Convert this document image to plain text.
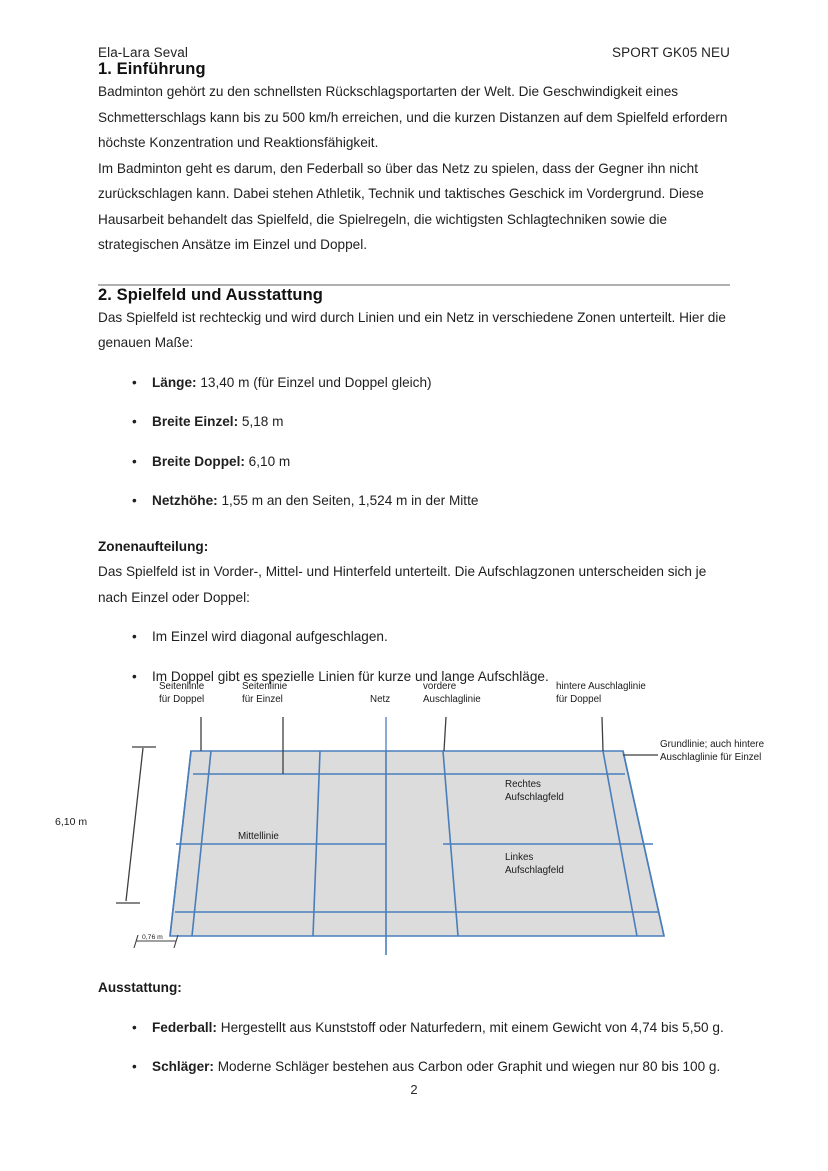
Ela-Lara Seval	SPORT GK05 NEU
1. Einführung

Badminton gehört zu den schnellsten Rückschlagsportarten der Welt. Die Geschwindigkeit eines Schmetterschlags kann bis zu 500 km/h erreichen, und die kurzen Distanzen auf dem Spielfeld erfordern höchste Konzentration und Reaktionsfähigkeit.

Im Badminton geht es darum, den Federball so über das Netz zu spielen, dass der Gegner ihn nicht zurückschlagen kann. Dabei stehen Athletik, Technik und taktisches Geschick im Vordergrund. Diese Hausarbeit behandelt das Spielfeld, die Spielregeln, die wichtigsten Schlagtechniken sowie die strategischen Ansätze im Einzel und Doppel.

2. Spielfeld und Ausstattung

Das Spielfeld ist rechteckig und wird durch Linien und ein Netz in verschiedene Zonen unterteilt. Hier die genauen Maße:

• Länge: 13,40 m (für Einzel und Doppel gleich)
• Breite Einzel: 5,18 m
• Breite Doppel: 6,10 m
• Netzhöhe: 1,55 m an den Seiten, 1,524 m in der Mitte

Zonenaufteilung:

Das Spielfeld ist in Vorder-, Mittel- und Hinterfeld unterteilt. Die Aufschlagzonen unterscheiden sich je nach Einzel oder Doppel:

• Im Einzel wird diagonal aufgeschlagen.
• Im Doppel gibt es spezielle Linien für kurze und lange Aufschläge.
Seitenlinie
für Doppel
Seitenlinie
für Einzel	Netz
vordere
Auschlaglinie
hintere Auschlaglinie
für Doppel
Grundlinie; auch hintere
Auschlaglinie für Einzel
Mittellinie
Rechtes
Aufschlagfeld
Linkes
Aufschlagfeld
6,10 m
0,76 m

Ausstattung:

• Federball: Hergestellt aus Kunststoff oder Naturfedern, mit einem Gewicht von 4,74 bis 5,50 g.
• Schläger: Moderne Schläger bestehen aus Carbon oder Graphit und wiegen nur 80 bis 100 g.
2
